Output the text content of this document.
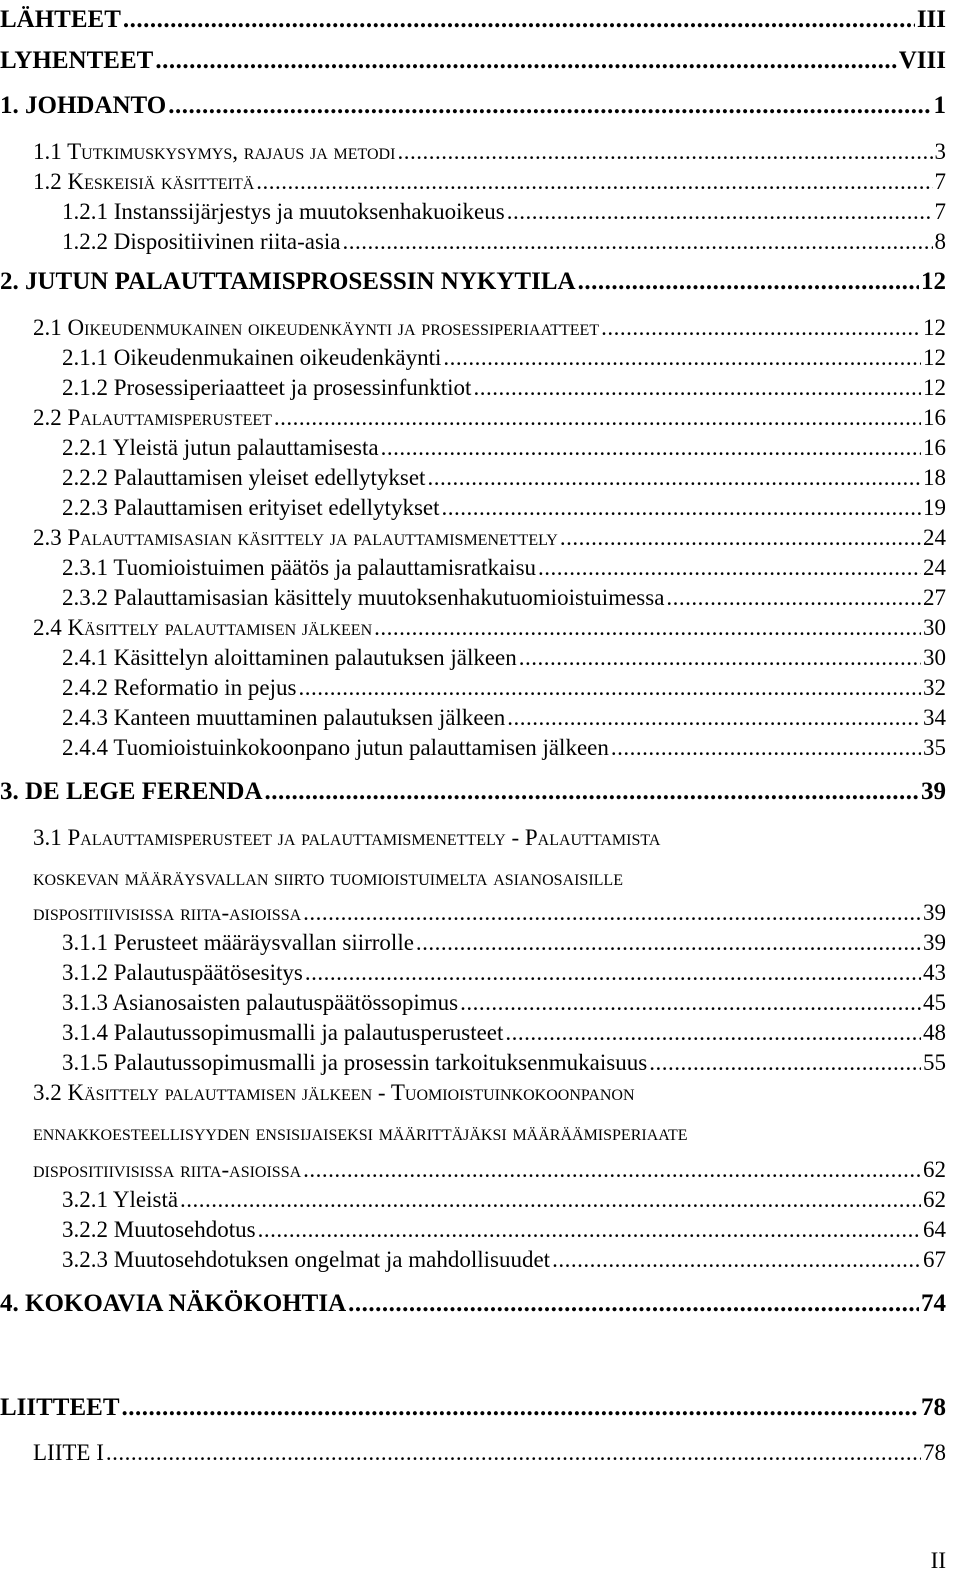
LÄHTEET .....	III
LYHENTEET .....	VIII
1. JOHDANTO .....	1
1.1 Tutkimuskysymys, rajaus ja metodi .....	3
1.2 Keskeisiä käsitteitä .....	7
1.2.1 Instanssijärjestys ja muutoksenhakuoikeus .....	7
1.2.2 Dispositiivinen riita-asia .....	8
2. JUTUN PALAUTTAMISPROSESSIN NYKYTILA .....	12
2.1 Oikeudenmukainen oikeudenkäynti ja prosessiperiaatteet .....	12
2.1.1 Oikeudenmukainen oikeudenkäynti .....	12
2.1.2 Prosessiperiaatteet ja prosessinfunktiot .....	12
2.2 Palauttamisperusteet .....	16
2.2.1 Yleistä jutun palauttamisesta .....	16
2.2.2 Palauttamisen yleiset edellytykset .....	18
2.2.3 Palauttamisen erityiset edellytykset .....	19
2.3 Palauttamisasian käsittely ja palauttamismenettely .....	24
2.3.1 Tuomioistuimen päätös ja palauttamisratkaisu .....	24
2.3.2 Palauttamisasian käsittely muutoksenhakutuomioistuimessa .....	27
2.4 Käsittely palauttamisen jälkeen .....	30
2.4.1 Käsittelyn aloittaminen palautuksen jälkeen .....	30
2.4.2 Reformatio in pejus .....	32
2.4.3 Kanteen muuttaminen palautuksen jälkeen .....	34
2.4.4 Tuomioistuinkokoonpano jutun palauttamisen jälkeen .....	35
3. DE LEGE FERENDA .....	39
3.1 Palauttamisperusteet ja palauttamismenettely - Palauttamista
koskevan määräysvallan siirto tuomioistuimelta asianosaisille
dispositiivisissa riita-asioissa .....	39
3.1.1 Perusteet määräysvallan siirrolle .....	39
3.1.2 Palautuspäätösesitys .....	43
3.1.3 Asianosaisten palautuspäätössopimus .....	45
3.1.4 Palautussopimusmalli ja palautusperusteet .....	48
3.1.5 Palautussopimusmalli ja prosessin tarkoituksenmukaisuus .....	55
3.2 Käsittely palauttamisen jälkeen - Tuomioistuinkokoonpanon
ennakkoesteellisyyden ensisijaiseksi määrittäjäksi määräämisperiaate
dispositiivisissa riita-asioissa .....	62
3.2.1 Yleistä .....	62
3.2.2 Muutosehdotus .....	64
3.2.3 Muutosehdotuksen ongelmat ja mahdollisuudet .....	67
4. KOKOAVIA NÄKÖKOHTIA .....	74
LIITTEET .....	78
LIITE I .....	78
II
